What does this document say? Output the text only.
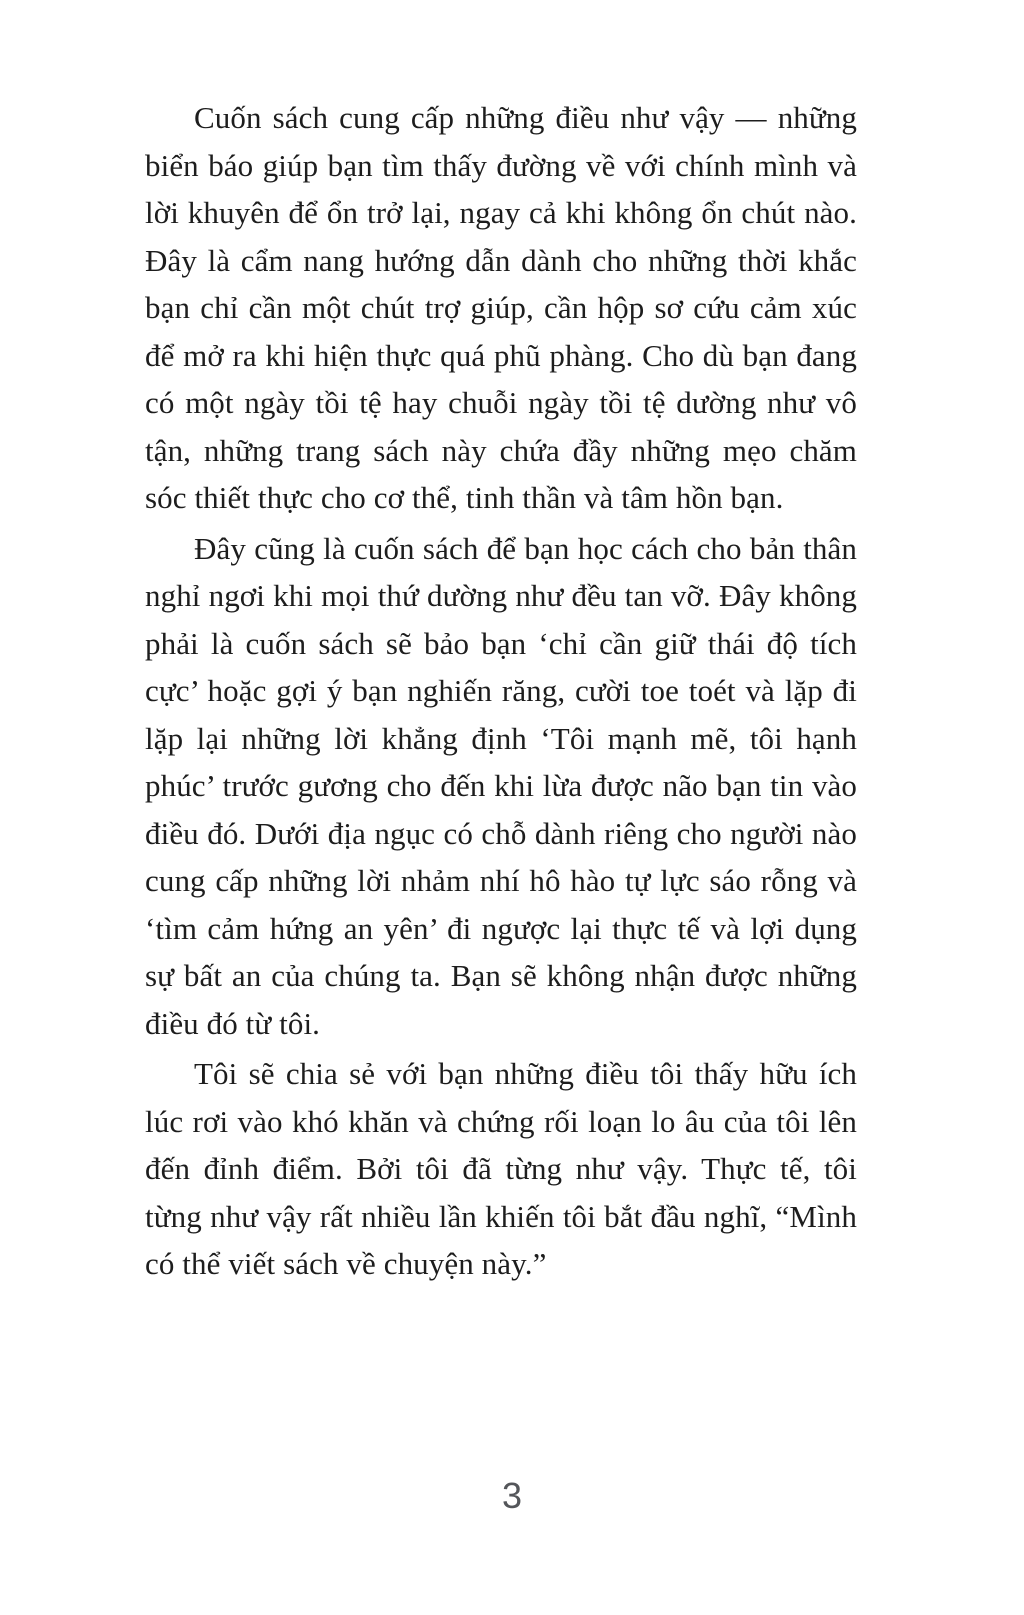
Cuốn sách cung cấp những điều như vậy — những biển báo giúp bạn tìm thấy đường về với chính mình và lời khuyên để ổn trở lại, ngay cả khi không ổn chút nào. Đây là cẩm nang hướng dẫn dành cho những thời khắc bạn chỉ cần một chút trợ giúp, cần hộp sơ cứu cảm xúc để mở ra khi hiện thực quá phũ phàng. Cho dù bạn đang có một ngày tồi tệ hay chuỗi ngày tồi tệ dường như vô tận, những trang sách này chứa đầy những mẹo chăm sóc thiết thực cho cơ thể, tinh thần và tâm hồn bạn.

Đây cũng là cuốn sách để bạn học cách cho bản thân nghỉ ngơi khi mọi thứ dường như đều tan vỡ. Đây không phải là cuốn sách sẽ bảo bạn ‘chỉ cần giữ thái độ tích cực’ hoặc gợi ý bạn nghiến răng, cười toe toét và lặp đi lặp lại những lời khẳng định ‘Tôi mạnh mẽ, tôi hạnh phúc’ trước gương cho đến khi lừa được não bạn tin vào điều đó. Dưới địa ngục có chỗ dành riêng cho người nào cung cấp những lời nhảm nhí hô hào tự lực sáo rỗng và ‘tìm cảm hứng an yên’ đi ngược lại thực tế và lợi dụng sự bất an của chúng ta. Bạn sẽ không nhận được những điều đó từ tôi.

Tôi sẽ chia sẻ với bạn những điều tôi thấy hữu ích lúc rơi vào khó khăn và chứng rối loạn lo âu của tôi lên đến đỉnh điểm. Bởi tôi đã từng như vậy. Thực tế, tôi từng như vậy rất nhiều lần khiến tôi bắt đầu nghĩ, “Mình có thể viết sách về chuyện này.”

3
